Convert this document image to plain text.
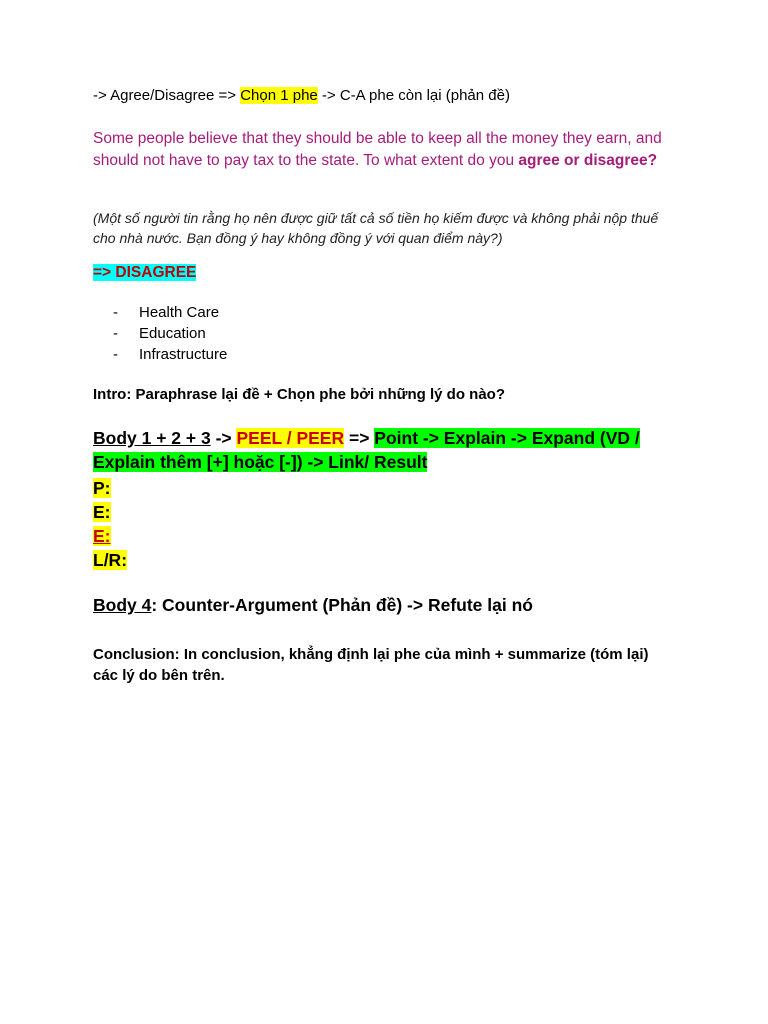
-> Agree/Disagree => Chọn 1 phe -> C-A phe còn lại (phản đề)
Some people believe that they should be able to keep all the money they earn, and should not have to pay tax to the state. To what extent do you agree or disagree?
(Một số người tin rằng họ nên được giữ tất cả số tiền họ kiếm được và không phải nộp thuế cho nhà nước. Bạn đồng ý hay không đồng ý với quan điểm này?)
=> DISAGREE
-	Health Care
-	Education
-	Infrastructure
Intro: Paraphrase lại đề + Chọn phe bởi những lý do nào?
Body 1 + 2 + 3 -> PEEL / PEER => Point -> Explain -> Expand (VD / Explain thêm [+] hoặc [-]) -> Link/ Result
P:
E:
E:
L/R:
Body 4: Counter-Argument (Phản đề) -> Refute lại nó
Conclusion: In conclusion, khẳng định lại phe của mình + summarize (tóm lại) các lý do bên trên.
